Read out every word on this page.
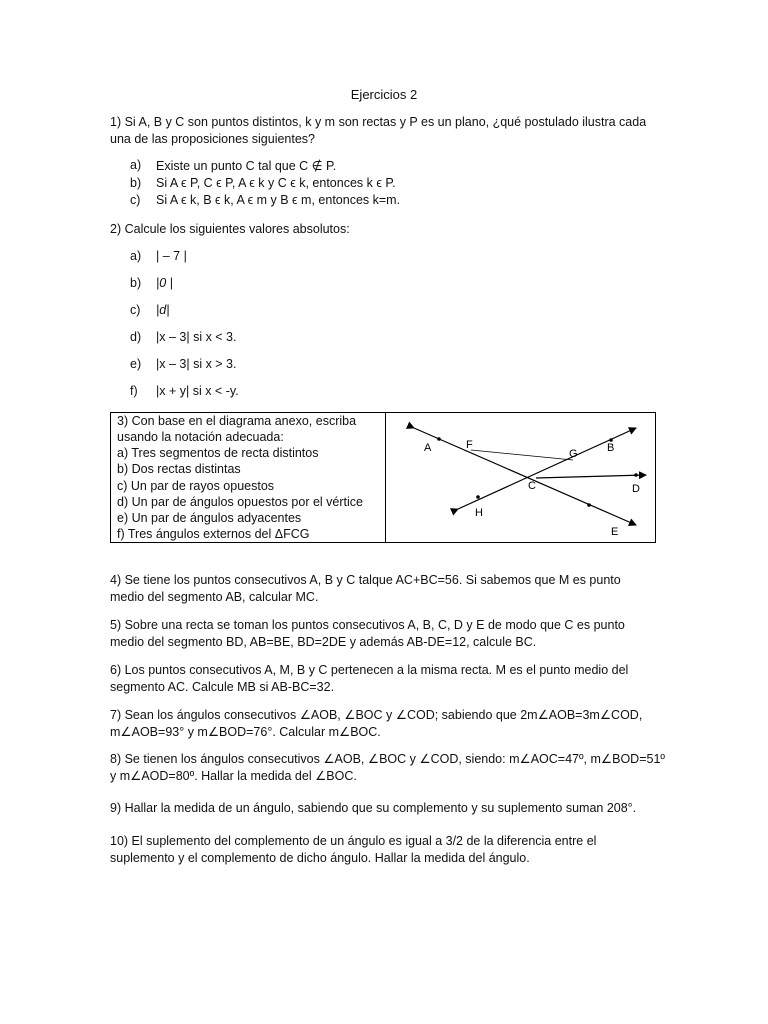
Ejercicios 2
1) Si A, B y C son puntos distintos, k y m son rectas y P es un plano, ¿qué postulado ilustra cada
una de las proposiciones siguientes?
a) Existe un punto C tal que C ∉ P.
b) Si A ϵ P, C ϵ P, A ϵ k y C ϵ k, entonces k ϵ P.
c) Si A ϵ k, B ϵ k, A ϵ m y B ϵ m, entonces k=m.
2) Calcule los siguientes valores absolutos:
a) | – 7 |
b) |0 |
c) |d|
d) |x – 3| si x < 3.
e) |x – 3| si x > 3.
f) |x + y| si x < -y.
3) Con base en el diagrama anexo, escriba
usando la notación adecuada:
a) Tres segmentos de recta distintos
b) Dos rectas distintas
c) Un par de rayos opuestos
d) Un par de ángulos opuestos por el vértice
e) Un par de ángulos adyacentes
f) Tres ángulos externos del ΔFCG
A	F
G	B
C	D
H
E
4) Se tiene los puntos consecutivos A, B y C talque AC+BC=56. Si sabemos que M es punto
medio del segmento AB, calcular MC.
5) Sobre una recta se toman los puntos consecutivos A, B, C, D y E de modo que C es punto
medio del segmento BD, AB=BE, BD=2DE y además AB-DE=12, calcule BC.
6) Los puntos consecutivos A, M, B y C pertenecen a la misma recta. M es el punto medio del
segmento AC. Calcule MB si AB-BC=32.
7) Sean los ángulos consecutivos ∠AOB, ∠BOC y ∠COD; sabiendo que 2m∠AOB=3m∠COD,
m∠AOB=93° y m∠BOD=76°. Calcular m∠BOC.
8) Se tienen los ángulos consecutivos ∠AOB, ∠BOC y ∠COD, siendo: m∠AOC=47º, m∠BOD=51º
y m∠AOD=80º. Hallar la medida del ∠BOC.
9) Hallar la medida de un ángulo, sabiendo que su complemento y su suplemento suman 208°.
10) El suplemento del complemento de un ángulo es igual a 3/2 de la diferencia entre el
suplemento y el complemento de dicho ángulo. Hallar la medida del ángulo.
